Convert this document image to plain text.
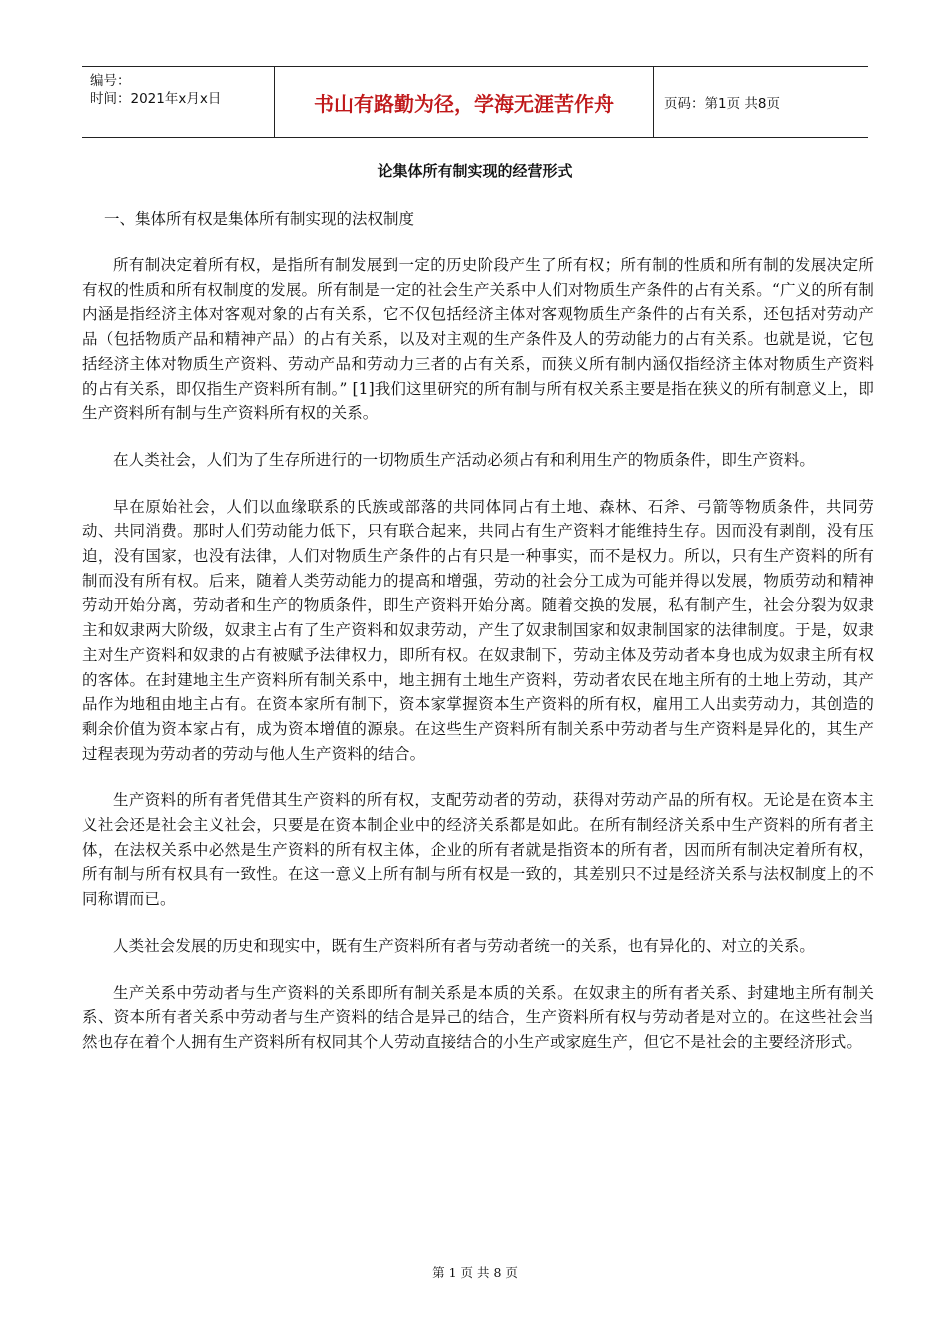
编号：
时间：2021年x月x日	书山有路勤为径，学海无涯苦作舟	页码：第1页 共8页
论集体所有制实现的经营形式
一、集体所有权是集体所有制实现的法权制度

所有制决定着所有权，是指所有制发展到一定的历史阶段产生了所有权；所有制的性质和所有制的发展决定所有权的性质和所有权制度的发展。所有制是一定的社会生产关系中人们对物质生产条件的占有关系。“广义的所有制内涵是指经济主体对客观对象的占有关系，它不仅包括经济主体对客观物质生产条件的占有关系，还包括对劳动产品（包括物质产品和精神产品）的占有关系，以及对主观的生产条件及人的劳动能力的占有关系。也就是说，它包括经济主体对物质生产资料、劳动产品和劳动力三者的占有关系，而狭义所有制内涵仅指经济主体对物质生产资料的占有关系，即仅指生产资料所有制。” [1]我们这里研究的所有制与所有权关系主要是指在狭义的所有制意义上，即生产资料所有制与生产资料所有权的关系。

在人类社会，人们为了生存所进行的一切物质生产活动必须占有和利用生产的物质条件，即生产资料。

早在原始社会，人们以血缘联系的氏族或部落的共同体同占有土地、森林、石斧、弓箭等物质条件，共同劳动、共同消费。那时人们劳动能力低下，只有联合起来，共同占有生产资料才能维持生存。因而没有剥削，没有压迫，没有国家，也没有法律，人们对物质生产条件的占有只是一种事实，而不是权力。所以，只有生产资料的所有制而没有所有权。后来，随着人类劳动能力的提高和增强，劳动的社会分工成为可能并得以发展，物质劳动和精神劳动开始分离，劳动者和生产的物质条件，即生产资料开始分离。随着交换的发展，私有制产生，社会分裂为奴隶主和奴隶两大阶级，奴隶主占有了生产资料和奴隶劳动，产生了奴隶制国家和奴隶制国家的法律制度。于是，奴隶主对生产资料和奴隶的占有被赋予法律权力，即所有权。在奴隶制下，劳动主体及劳动者本身也成为奴隶主所有权的客体。在封建地主生产资料所有制关系中，地主拥有土地生产资料，劳动者农民在地主所有的土地上劳动，其产品作为地租由地主占有。在资本家所有制下，资本家掌握资本生产资料的所有权，雇用工人出卖劳动力，其创造的剩余价值为资本家占有，成为资本增值的源泉。在这些生产资料所有制关系中劳动者与生产资料是异化的，其生产过程表现为劳动者的劳动与他人生产资料的结合。

生产资料的所有者凭借其生产资料的所有权，支配劳动者的劳动，获得对劳动产品的所有权。无论是在资本主义社会还是社会主义社会，只要是在资本制企业中的经济关系都是如此。在所有制经济关系中生产资料的所有者主体，在法权关系中必然是生产资料的所有权主体，企业的所有者就是指资本的所有者，因而所有制决定着所有权，所有制与所有权具有一致性。在这一意义上所有制与所有权是一致的，其差别只不过是经济关系与法权制度上的不同称谓而已。

人类社会发展的历史和现实中，既有生产资料所有者与劳动者统一的关系，也有异化的、对立的关系。

生产关系中劳动者与生产资料的关系即所有制关系是本质的关系。在奴隶主的所有者关系、封建地主所有制关系、资本所有者关系中劳动者与生产资料的结合是异己的结合，生产资料所有权与劳动者是对立的。在这些社会当然也存在着个人拥有生产资料所有权同其个人劳动直接结合的小生产或家庭生产，但它不是社会的主要经济形式。

第 1 页 共 8 页
